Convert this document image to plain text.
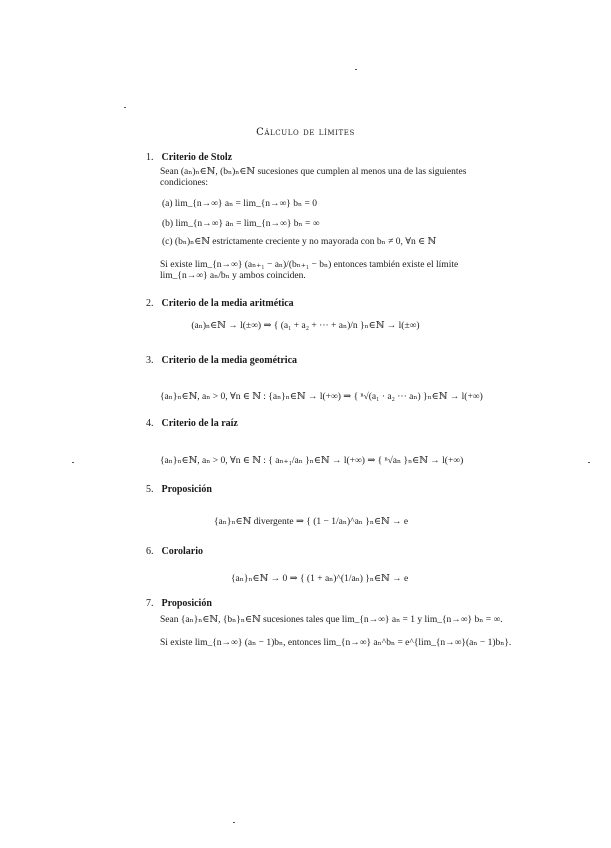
Cálculo de límites
1. Criterio de Stolz
Sean (aₙ)ₙ∈ℕ, (bₙ)ₙ∈ℕ sucesiones que cumplen al menos una de las siguientes condiciones:
(a) lim_{n→∞} aₙ = lim_{n→∞} bₙ = 0
(b) lim_{n→∞} aₙ = lim_{n→∞} bₙ = ∞
(c) (bₙ)ₙ∈ℕ estrictamente creciente y no mayorada con bₙ ≠ 0, ∀n ∈ ℕ
Si existe lim_{n→∞} (aₙ₊₁ − aₙ)/(bₙ₊₁ − bₙ) entonces también existe el límite lim_{n→∞} aₙ/bₙ y ambos coinciden.
2. Criterio de la media aritmética
(aₙ)ₙ∈ℕ → l(±∞) ⇒ { (a₁ + a₂ + ··· + aₙ)/n }ₙ∈ℕ → l(±∞)
3. Criterio de la media geométrica
{aₙ}ₙ∈ℕ, aₙ > 0, ∀n ∈ ℕ : {aₙ}ₙ∈ℕ → l(+∞) ⇒ { ⁿ√(a₁ · a₂ ··· aₙ) }ₙ∈ℕ → l(+∞)
4. Criterio de la raíz
{aₙ}ₙ∈ℕ, aₙ > 0, ∀n ∈ ℕ : { aₙ₊₁/aₙ }ₙ∈ℕ → l(+∞) ⇒ { ⁿ√aₙ }ₙ∈ℕ → l(+∞)
5. Proposición
{aₙ}ₙ∈ℕ divergente ⇒ { (1 − 1/aₙ)^aₙ }ₙ∈ℕ → e
6. Corolario
{aₙ}ₙ∈ℕ → 0 ⇒ { (1 + aₙ)^(1/aₙ) }ₙ∈ℕ → e
7. Proposición
Sean {aₙ}ₙ∈ℕ, {bₙ}ₙ∈ℕ sucesiones tales que lim_{n→∞} aₙ = 1 y lim_{n→∞} bₙ = ∞.
Si existe lim_{n→∞} (aₙ − 1)bₙ, entonces lim_{n→∞} aₙ^bₙ = e^{lim_{n→∞}(aₙ − 1)bₙ}.
